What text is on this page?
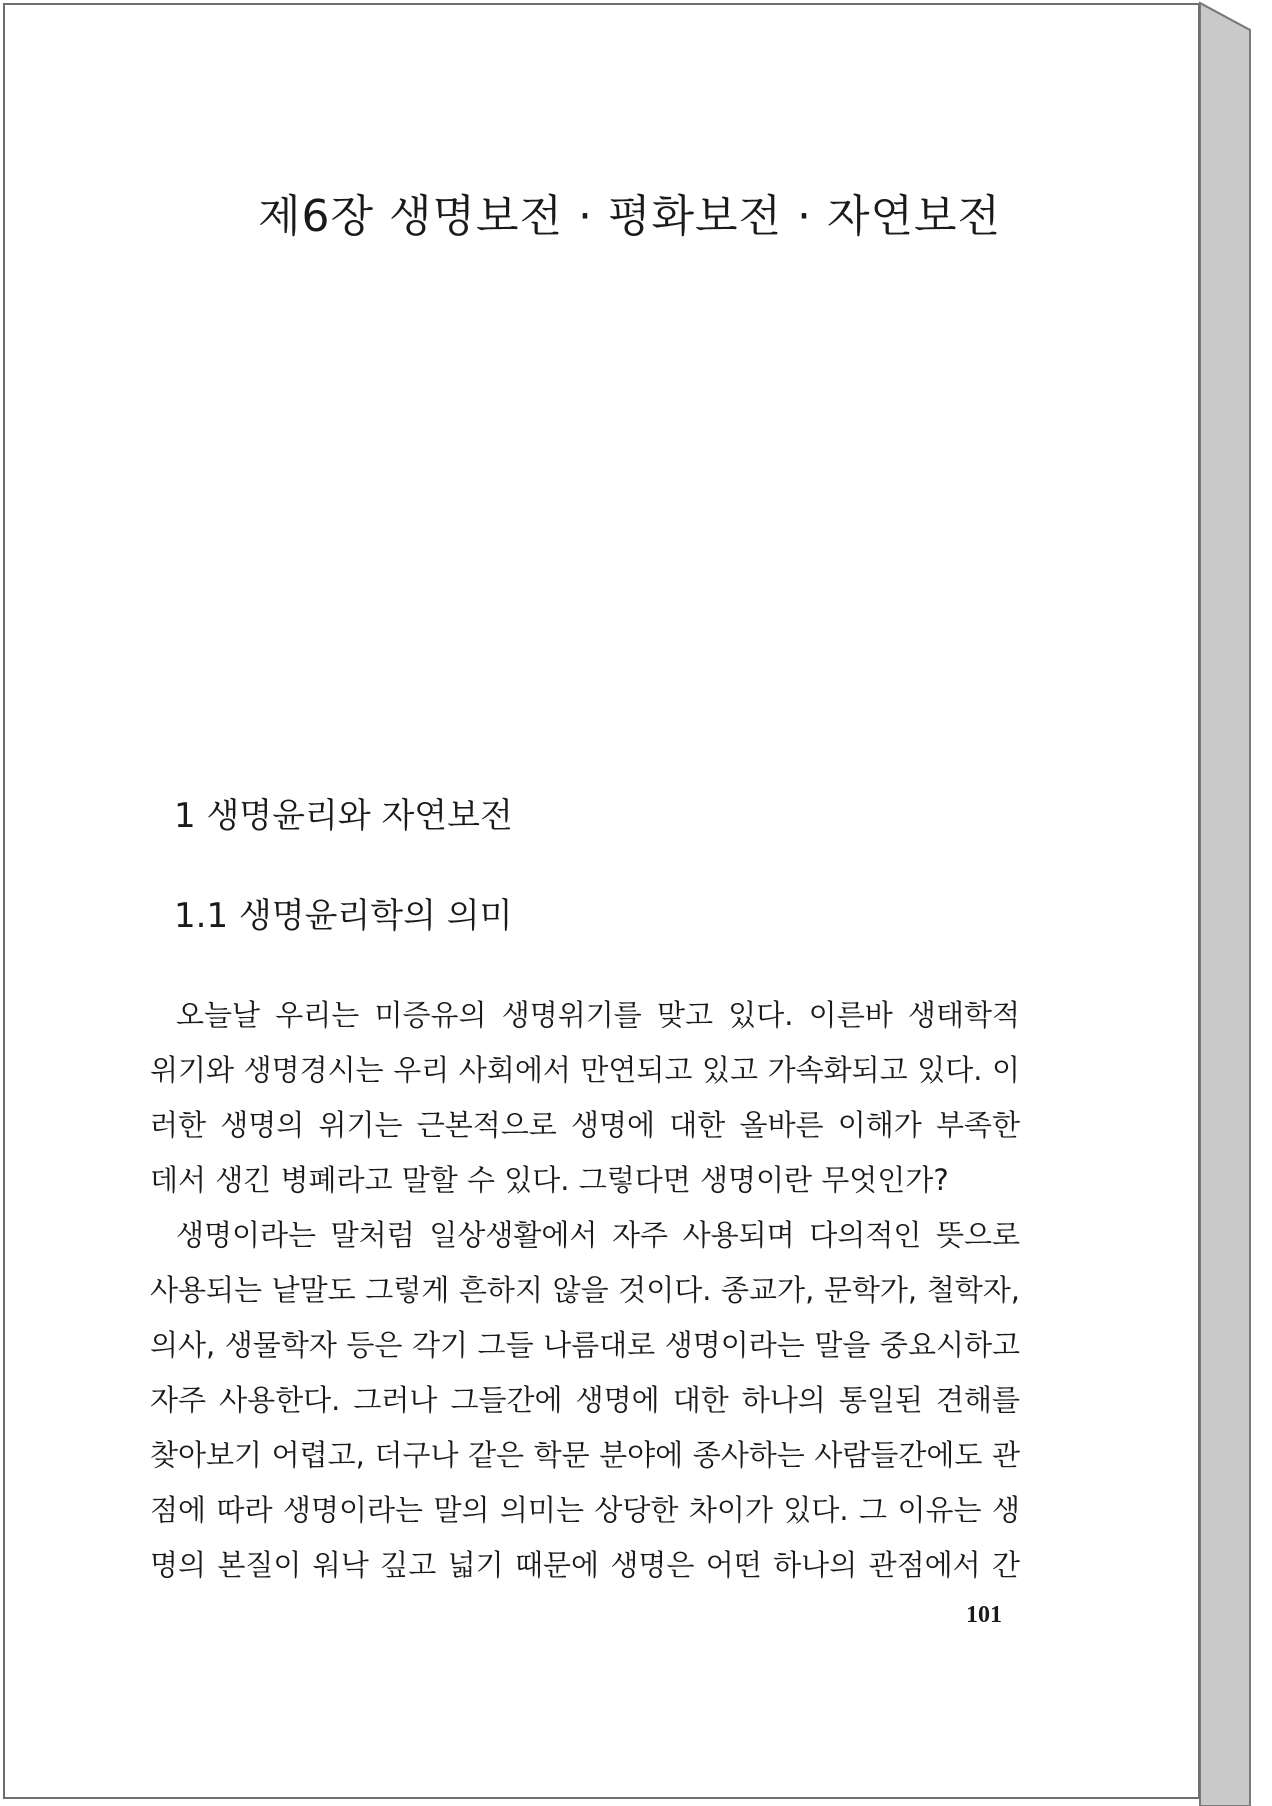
제6장 생명보전 · 평화보전 · 자연보전
1 생명윤리와 자연보전
1.1 생명윤리학의 의미
오늘날 우리는 미증유의 생명위기를 맞고 있다. 이른바 생태학적
위기와 생명경시는 우리 사회에서 만연되고 있고 가속화되고 있다. 이
러한 생명의 위기는 근본적으로 생명에 대한 올바른 이해가 부족한
데서 생긴 병폐라고 말할 수 있다. 그렇다면 생명이란 무엇인가?
생명이라는 말처럼 일상생활에서 자주 사용되며 다의적인 뜻으로
사용되는 낱말도 그렇게 흔하지 않을 것이다. 종교가, 문학가, 철학자,
의사, 생물학자 등은 각기 그들 나름대로 생명이라는 말을 중요시하고
자주 사용한다. 그러나 그들간에 생명에 대한 하나의 통일된 견해를
찾아보기 어렵고, 더구나 같은 학문 분야에 종사하는 사람들간에도 관
점에 따라 생명이라는 말의 의미는 상당한 차이가 있다. 그 이유는 생
명의 본질이 워낙 깊고 넓기 때문에 생명은 어떤 하나의 관점에서 간
101
